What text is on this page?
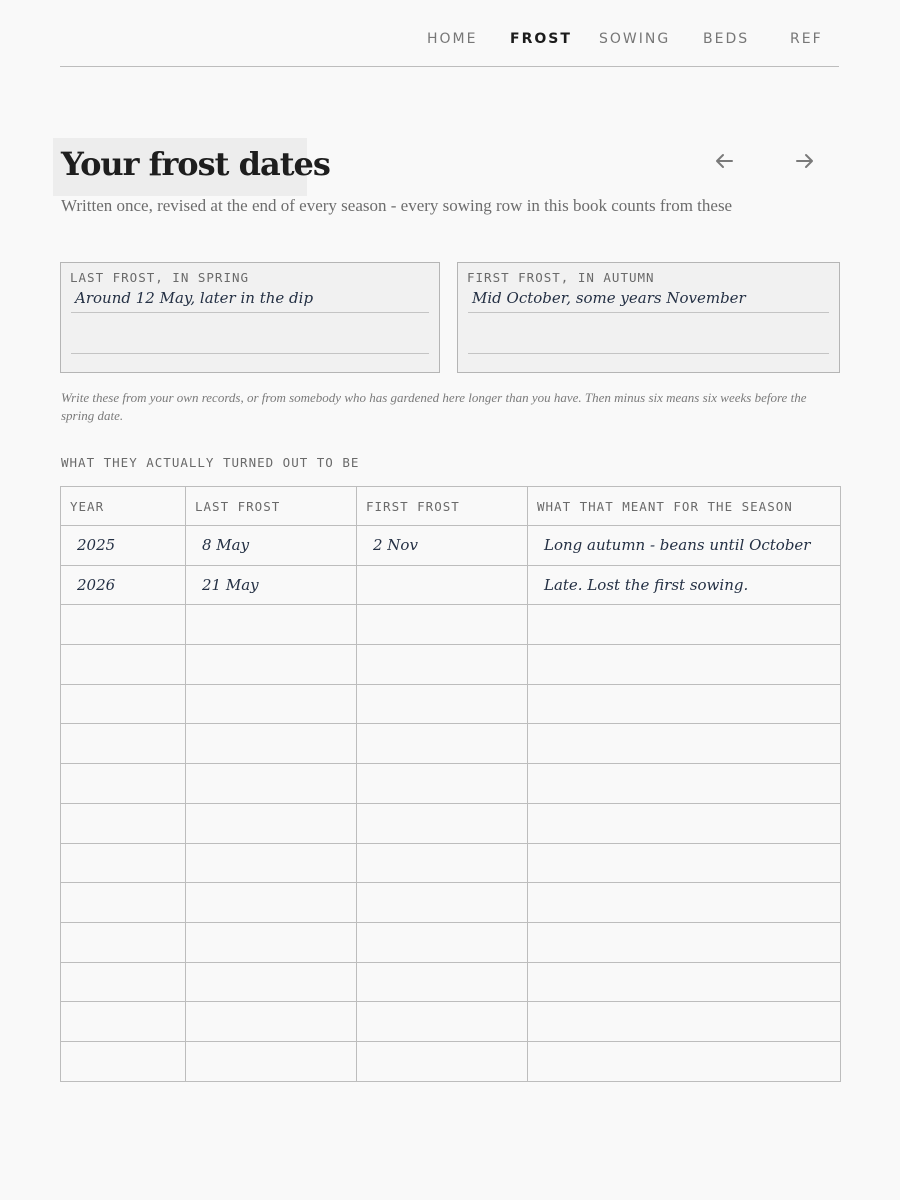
HOME FROST SOWING BEDS	REF
Your frost dates

Written once, revised at the end of every season - every sowing row in this book counts from these

LAST FROST, IN SPRING
Around 12 May, later in the dip
FIRST FROST, IN AUTUMN
Mid October, some years November

Write these from your own records, or from somebody who has gardened here longer than you have. Then minus six means six weeks before the spring date.

WHAT THEY ACTUALLY TURNED OUT TO BE
YEAR	LAST FROST	FIRST FROST	WHAT THAT MEANT FOR THE SEASON
2025	8 May	2 Nov	Long autumn - beans until October
2026	21 May		Late. Lost the first sowing.
